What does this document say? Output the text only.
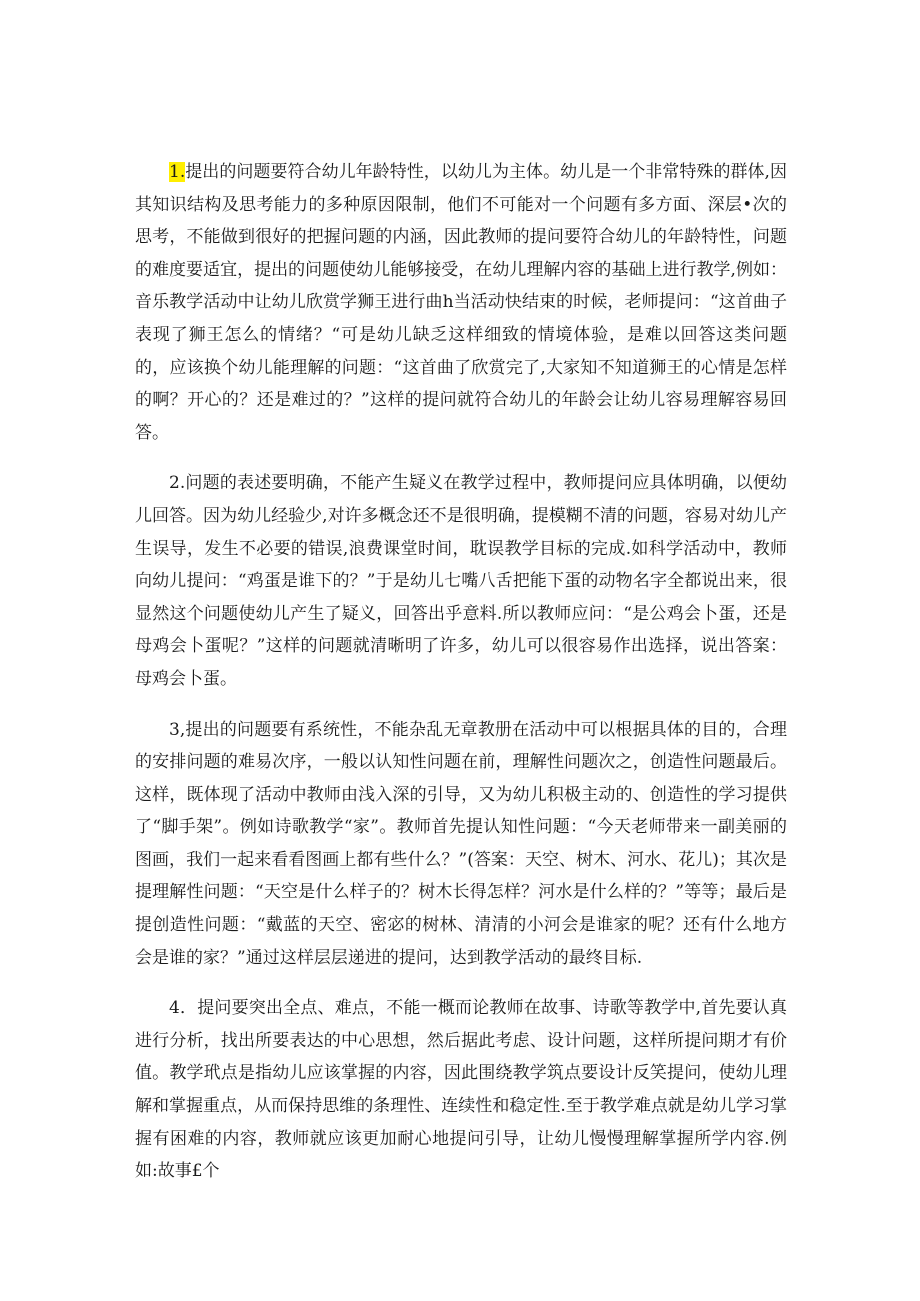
1.提出的问题要符合幼儿年龄特性，以幼儿为主体。幼儿是一个非常特殊的群体,因其知识结构及思考能力的多种原因限制，他们不可能对一个问题有多方面、深层•次的思考，不能做到很好的把握问题的内涵，因此教师的提问要符合幼儿的年龄特性，问题的难度要适宜，提出的问题使幼儿能够接受，在幼儿理解内容的基础上进行教学,例如：音乐教学活动中让幼儿欣赏学狮王进行曲h当活动快结束的时候，老师提问：“这首曲子表现了狮王怎么的情绪？“可是幼儿缺乏这样细致的情境体验，是难以回答这类问题的，应该换个幼儿能理解的问题：“这首曲了欣赏完了,大家知不知道狮王的心情是怎样的啊？开心的？还是难过的？”这样的提问就符合幼儿的年龄会让幼儿容易理解容易回答。

2.问题的表述要明确，不能产生疑义在教学过程中，教师提问应具体明确，以便幼儿回答。因为幼儿经验少,对许多概念还不是很明确，提模糊不清的问题，容易对幼儿产生误导，发生不必要的错误,浪费课堂时间，耽误教学目标的完成.如科学活动中，教师向幼儿提问：“鸡蛋是谁下的？”于是幼儿七嘴八舌把能下蛋的动物名字全都说出来，很显然这个问题使幼儿产生了疑义，回答出乎意料.所以教师应问：“是公鸡会卜蛋，还是母鸡会卜蛋呢？”这样的问题就清晰明了许多，幼儿可以很容易作出选择，说出答案：母鸡会卜蛋。

3,提出的问题要有系统性，不能杂乱无章教册在活动中可以根据具体的目的，合理的安排问题的难易次序，一般以认知性问题在前，理解性问题次之，创造性问题最后。这样，既体现了活动中教师由浅入深的引导，又为幼儿积极主动的、创造性的学习提供了“脚手架”。例如诗歌教学“家”。教师首先提认知性问题：“今天老师带来一副美丽的图画，我们一起来看看图画上都有些什么？”(答案：天空、树木、河水、花儿)；其次是提理解性问题：“天空是什么样子的？树木长得怎样？河水是什么样的？”等等；最后是提创造性问题：“戴蓝的天空、密宓的树林、清清的小河会是谁家的呢？还有什么地方会是谁的家？”通过这样层层递进的提问，达到教学活动的最终目标.

4．提问要突出全点、难点，不能一概而论教师在故事、诗歌等教学中,首先要认真进行分析，找出所要表达的中心思想，然后据此考虑、设计问题，这样所提问期才有价值。教学玳点是指幼儿应该掌握的内容，因此围绕教学筑点要设计反笑提问，使幼儿理解和掌握重点，从而保持思维的条理性、连续性和稳定性.至于教学难点就是幼儿学习掌握有困难的内容，教师就应该更加耐心地提问引导，让幼儿慢慢理解掌握所学内容.例如:故事£个
